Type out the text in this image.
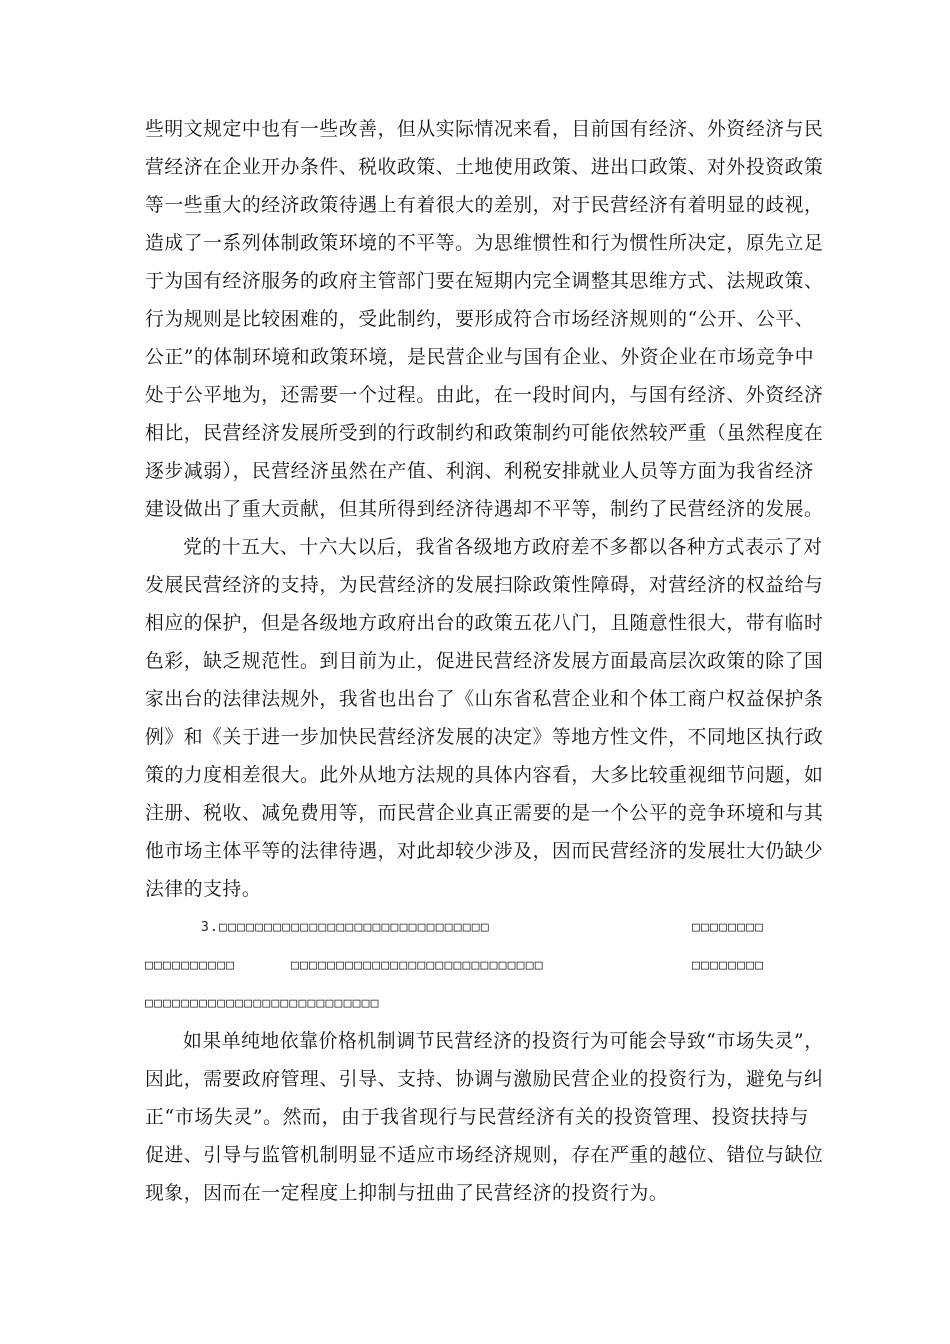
些明文规定中也有一些改善，但从实际情况来看，目前国有经济、外资经济与民
营经济在企业开办条件、税收政策、土地使用政策、进出口政策、对外投资政策
等一些重大的经济政策待遇上有着很大的差别，对于民营经济有着明显的歧视，
造成了一系列体制政策环境的不平等。为思维惯性和行为惯性所决定，原先立足
于为国有经济服务的政府主管部门要在短期内完全调整其思维方式、法规政策、
行为规则是比较困难的，受此制约，要形成符合市场经济规则的“公开、公平、
公正”的体制环境和政策环境，是民营企业与国有企业、外资企业在市场竞争中
处于公平地为，还需要一个过程。由此，在一段时间内，与国有经济、外资经济
相比，民营经济发展所受到的行政制约和政策制约可能依然较严重（虽然程度在
逐步减弱），民营经济虽然在产值、利润、利税安排就业人员等方面为我省经济
建设做出了重大贡献，但其所得到经济待遇却不平等，制约了民营经济的发展。
党的十五大、十六大以后，我省各级地方政府差不多都以各种方式表示了对
发展民营经济的支持，为民营经济的发展扫除政策性障碍，对营经济的权益给与
相应的保护，但是各级地方政府出台的政策五花八门，且随意性很大，带有临时
色彩，缺乏规范性。到目前为止，促进民营经济发展方面最高层次政策的除了国
家出台的法律法规外，我省也出台了《山东省私营企业和个体工商户权益保护条
例》和《关于进一步加快民营经济发展的决定》等地方性文件，不同地区执行政
策的力度相差很大。此外从地方法规的具体内容看，大多比较重视细节问题，如
注册、税收、减免费用等，而民营企业真正需要的是一个公平的竞争环境和与其
他市场主体平等的法律待遇，对此却较少涉及，因而民营经济的发展壮大仍缺少
法律的支持。
3.□□□□□□□□□□□□□□□□□□□□□□□□□□□□□□	□□□□□□□□
□□□□□□□□□□	□□□□□□□□□□□□□□□□□□□□□□□□□□□□	□□□□□□□□
□□□□□□□□□□□□□□□□□□□□□□□□□□
如果单纯地依靠价格机制调节民营经济的投资行为可能会导致“市场失灵”，
因此，需要政府管理、引导、支持、协调与激励民营企业的投资行为，避免与纠
正“市场失灵”。然而，由于我省现行与民营经济有关的投资管理、投资扶持与
促进、引导与监管机制明显不适应市场经济规则，存在严重的越位、错位与缺位
现象，因而在一定程度上抑制与扭曲了民营经济的投资行为。
